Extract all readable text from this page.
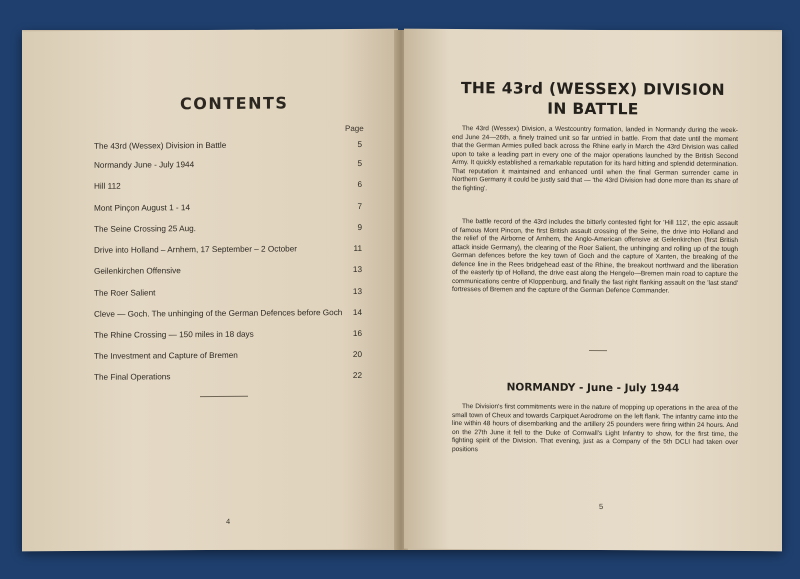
CONTENTS
Page
The 43rd (Wessex) Division in Battle	5
Normandy June - July 1944	5
Hill 112	6
Mont Pinçon August 1 - 14	7
The Seine Crossing 25 Aug.	9
Drive into Holland – Arnhem, 17 September – 2 October	11
Geilenkirchen Offensive	13
The Roer Salient	13
Cleve — Goch. The unhinging of the German Defences before Goch 14
The Rhine Crossing — 150 miles in 18 days	16
The Investment and Capture of Bremen	20
The Final Operations	22
4
THE 43rd (WESSEX) DIVISION
IN BATTLE

The 43rd (Wessex) Division, a Westcountry formation, landed in Normandy during the week-end June 24—26th, a finely trained unit so far untried in battle. From that date until the moment that the German Armies pulled back across the Rhine early in March the 43rd Division was called upon to take a leading part in every one of the major operations launched by the British Second Army. It quickly established a remarkable reputation for its hard hitting and splendid determination. That reputation it maintained and enhanced until when the final German surrender came in Northern Germany it could be justly said that — 'the 43rd Division had done more than its share of the fighting'.

The battle record of the 43rd includes the bitterly contested fight for 'Hill 112', the epic assault of famous Mont Pincon, the first British assault crossing of the Seine, the drive into Holland and the relief of the Airborne of Arnhem, the Anglo-American offensive at Geilenkirchen (first British attack inside Germany), the clearing of the Roer Salient, the unhinging and rolling up of the tough German defences before the key town of Goch and the capture of Xanten, the breaking of the defence line in the Rees bridgehead east of the Rhine, the breakout northward and the liberation of the easterly tip of Holland, the drive east along the Hengelo—Bremen main road to capture the communications centre of Kloppenburg, and finally the fast right flanking assault on the 'last stand' fortresses of Bremen and the capture of the German Defence Commander.

NORMANDY - June - July 1944

The Division's first commitments were in the nature of mopping up operations in the area of the small town of Cheux and towards Carpiquet Aerodrome on the left flank. The infantry came into the line within 48 hours of disembarking and the artillery 25 pounders were firing within 24 hours. And on the 27th June it fell to the Duke of Cornwall's Light Infantry to show, for the first time, the fighting spirit of the Division. That evening, just as a Company of the 5th DCLI had taken over positions

5
